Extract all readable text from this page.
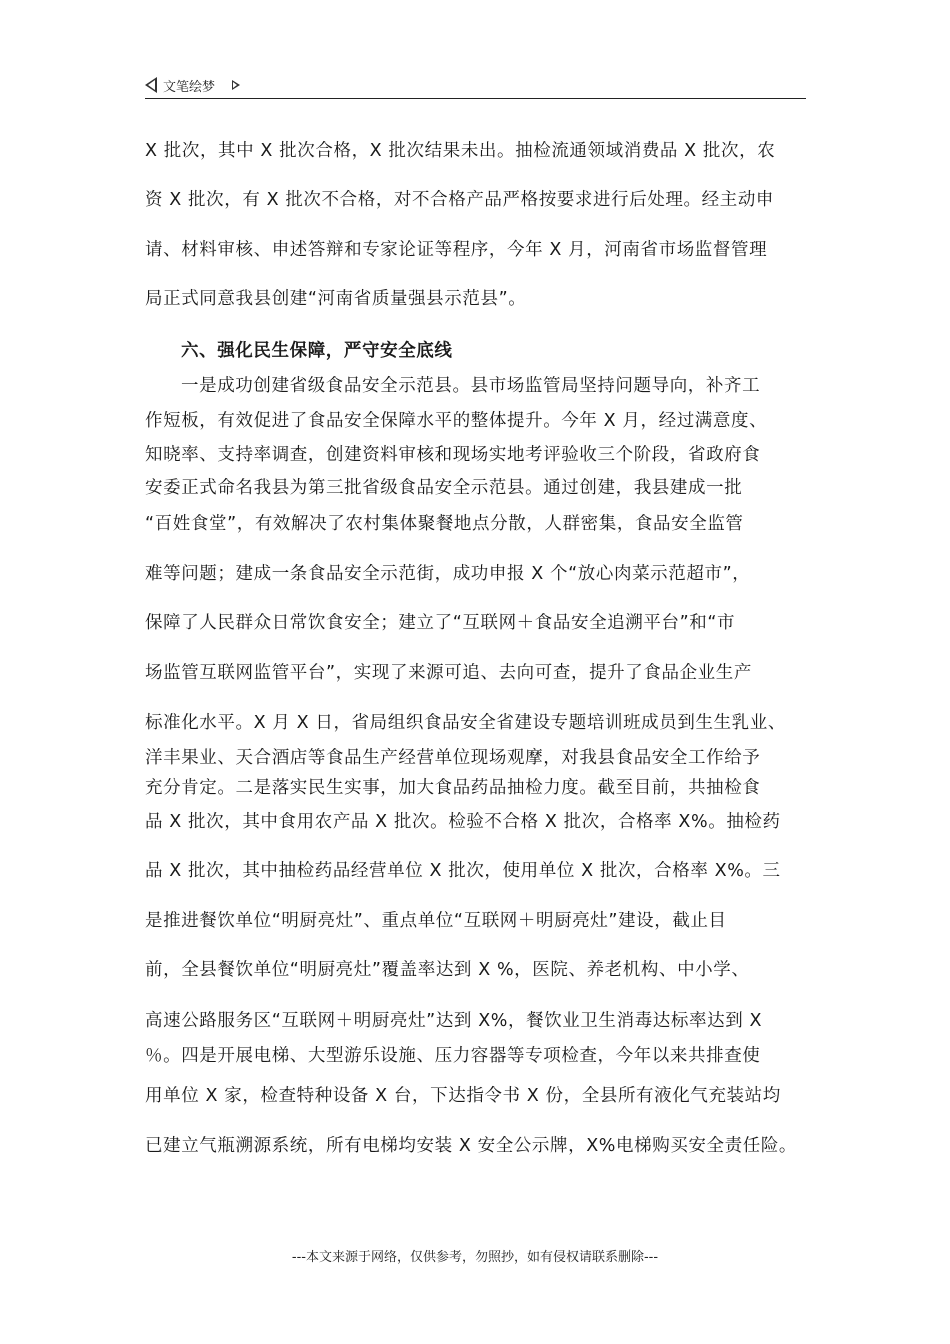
文笔绘梦
X 批次，其中 X 批次合格，X 批次结果未出。抽检流通领域消费品 X 批次，农
资 X 批次，有 X 批次不合格，对不合格产品严格按要求进行后处理。经主动申
请、材料审核、申述答辩和专家论证等程序，今年 X 月，河南省市场监督管理
局正式同意我县创建“河南省质量强县示范县”。
六、强化民生保障，严守安全底线
一是成功创建省级食品安全示范县。县市场监管局坚持问题导向，补齐工
作短板，有效促进了食品安全保障水平的整体提升。今年 X 月，经过满意度、
知晓率、支持率调查，创建资料审核和现场实地考评验收三个阶段，省政府食
安委正式命名我县为第三批省级食品安全示范县。通过创建，我县建成一批
“百姓食堂”，有效解决了农村集体聚餐地点分散，人群密集，食品安全监管
难等问题；建成一条食品安全示范街，成功申报 X 个“放心肉菜示范超市”，
保障了人民群众日常饮食安全；建立了“互联网＋食品安全追溯平台”和“市
场监管互联网监管平台”，实现了来源可追、去向可查，提升了食品企业生产
标准化水平。X 月 X 日，省局组织食品安全省建设专题培训班成员到生生乳业、
洋丰果业、天合酒店等食品生产经营单位现场观摩，对我县食品安全工作给予
充分肯定。二是落实民生实事，加大食品药品抽检力度。截至目前，共抽检食
品 X 批次，其中食用农产品 X 批次。检验不合格 X 批次，合格率 X%。抽检药
品 X 批次，其中抽检药品经营单位 X 批次，使用单位 X 批次，合格率 X%。三
是推进餐饮单位“明厨亮灶”、重点单位“互联网＋明厨亮灶”建设，截止目
前，全县餐饮单位“明厨亮灶”覆盖率达到 X %，医院、养老机构、中小学、
高速公路服务区“互联网＋明厨亮灶”达到 X%，餐饮业卫生消毒达标率达到 X
％。四是开展电梯、大型游乐设施、压力容器等专项检查，今年以来共排查使
用单位 X 家，检查特种设备 X 台，下达指令书 X 份，全县所有液化气充装站均
已建立气瓶溯源系统，所有电梯均安装 X 安全公示牌，X%电梯购买安全责任险。
---本文来源于网络，仅供参考，勿照抄，如有侵权请联系删除---
